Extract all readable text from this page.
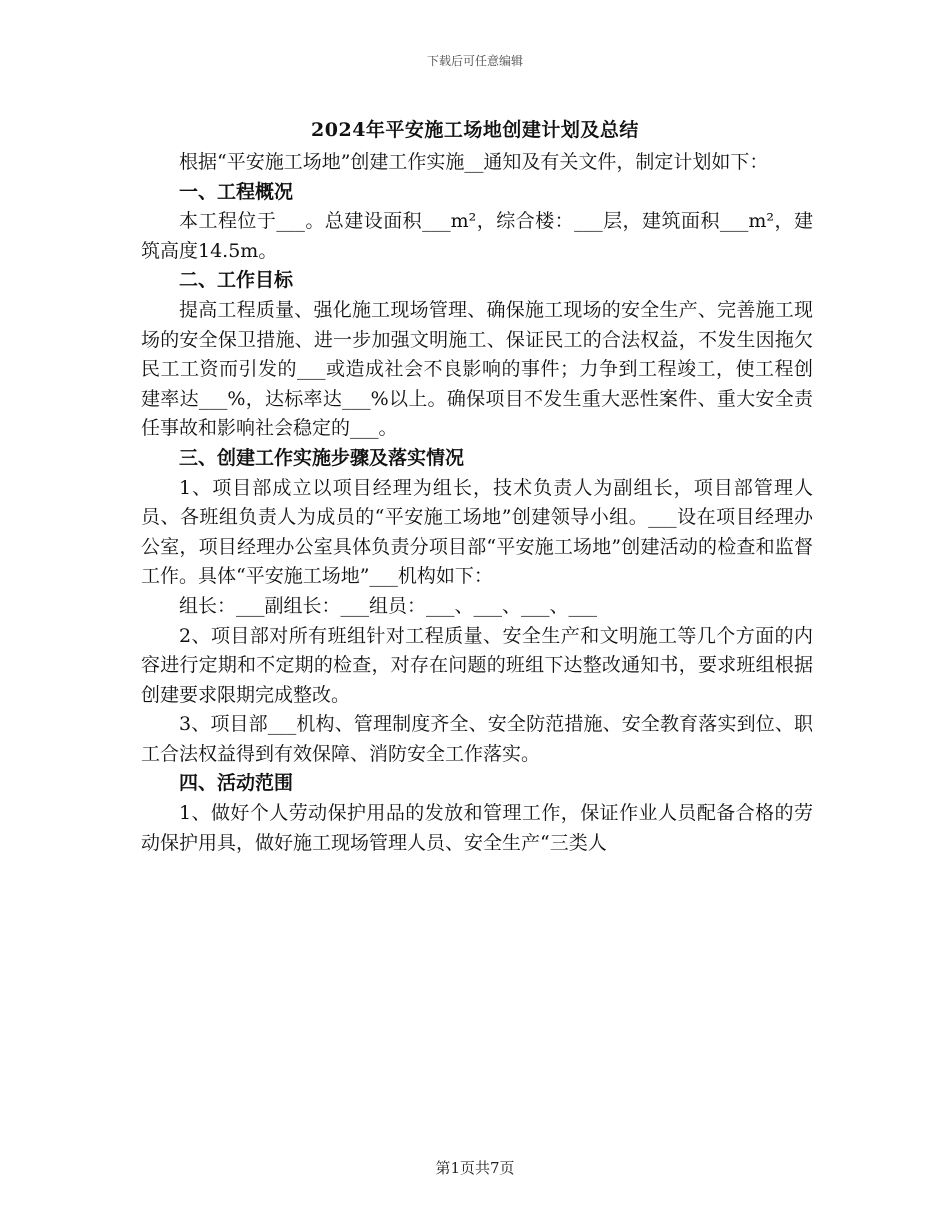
下载后可任意编辑
2024年平安施工场地创建计划及总结

根据“平安施工场地”创建工作实施__通知及有关文件，制定计划如下：

一、工程概况

本工程位于___。总建设面积___m²，综合楼：___层，建筑面积___m²，建筑高度14.5m。

二、工作目标

提高工程质量、强化施工现场管理、确保施工现场的安全生产、完善施工现场的安全保卫措施、进一步加强文明施工、保证民工的合法权益，不发生因拖欠民工工资而引发的___或造成社会不良影响的事件；力争到工程竣工，使工程创建率达___%，达标率达___%以上。确保项目不发生重大恶性案件、重大安全责任事故和影响社会稳定的___。

三、创建工作实施步骤及落实情况

1、项目部成立以项目经理为组长，技术负责人为副组长，项目部管理人员、各班组负责人为成员的“平安施工场地”创建领导小组。___设在项目经理办公室，项目经理办公室具体负责分项目部“平安施工场地”创建活动的检查和监督工作。具体“平安施工场地”___机构如下：

组长：___副组长：___组员：___、___、___、___

2、项目部对所有班组针对工程质量、安全生产和文明施工等几个方面的内容进行定期和不定期的检查，对存在问题的班组下达整改通知书，要求班组根据创建要求限期完成整改。

3、项目部___机构、管理制度齐全、安全防范措施、安全教育落实到位、职工合法权益得到有效保障、消防安全工作落实。

四、活动范围

1、做好个人劳动保护用品的发放和管理工作，保证作业人员配备合格的劳动保护用具，做好施工现场管理人员、安全生产“三类人

第1页共7页
